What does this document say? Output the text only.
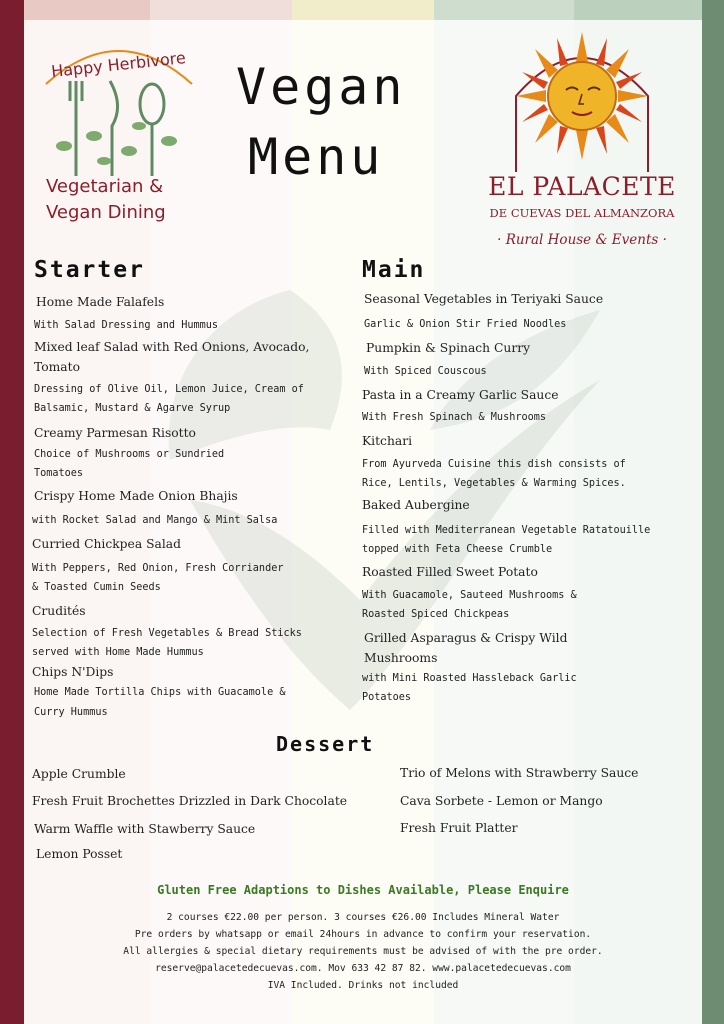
Happy Herbivore
Vegetarian &
Vegan Dining
Vegan
Menu
EL PALACETE
DE CUEVAS DEL ALMANZORA
· Rural House & Events ·
Starter
Home Made Falafels
With Salad Dressing and Hummus
Mixed leaf Salad with Red Onions, Avocado,
Tomato
Dressing of Olive Oil, Lemon Juice, Cream of
Balsamic, Mustard & Agarve Syrup
Creamy Parmesan Risotto
Choice of Mushrooms or Sundried
Tomatoes
Crispy Home Made Onion Bhajis
with Rocket Salad and Mango & Mint Salsa
Curried Chickpea Salad
With Peppers, Red Onion, Fresh Corriander
& Toasted Cumin Seeds
Crudités
Selection of Fresh Vegetables & Bread Sticks
served with Home Made Hummus
Chips N'Dips
Home Made Tortilla Chips with Guacamole &
Curry Hummus
Main
Seasonal Vegetables in Teriyaki Sauce
Garlic & Onion Stir Fried Noodles
Pumpkin & Spinach Curry
With Spiced Couscous
Pasta in a Creamy Garlic Sauce
With Fresh Spinach & Mushrooms
Kitchari
From Ayurveda Cuisine this dish consists of
Rice, Lentils, Vegetables & Warming Spices.
Baked Aubergine
Filled with Mediterranean Vegetable Ratatouille
topped with Feta Cheese Crumble
Roasted Filled Sweet Potato
With Guacamole, Sauteed Mushrooms &
Roasted Spiced Chickpeas
Grilled Asparagus & Crispy Wild
Mushrooms
with Mini Roasted Hassleback Garlic
Potatoes
Dessert
Apple Crumble
Fresh Fruit Brochettes Drizzled in Dark Chocolate
Warm Waffle with Stawberry Sauce
Lemon Posset
Trio of Melons with Strawberry Sauce
Cava Sorbete - Lemon or Mango
Fresh Fruit Platter
Gluten Free Adaptions to Dishes Available, Please Enquire
2 courses €22.00 per person. 3 courses €26.00 Includes Mineral Water
Pre orders by whatsapp or email 24hours in advance to confirm your reservation.
All allergies & special dietary requirements must be advised of with the pre order.
reserve@palacetedecuevas.com. Mov 633 42 87 82. www.palacetedecuevas.com
IVA Included. Drinks not included
